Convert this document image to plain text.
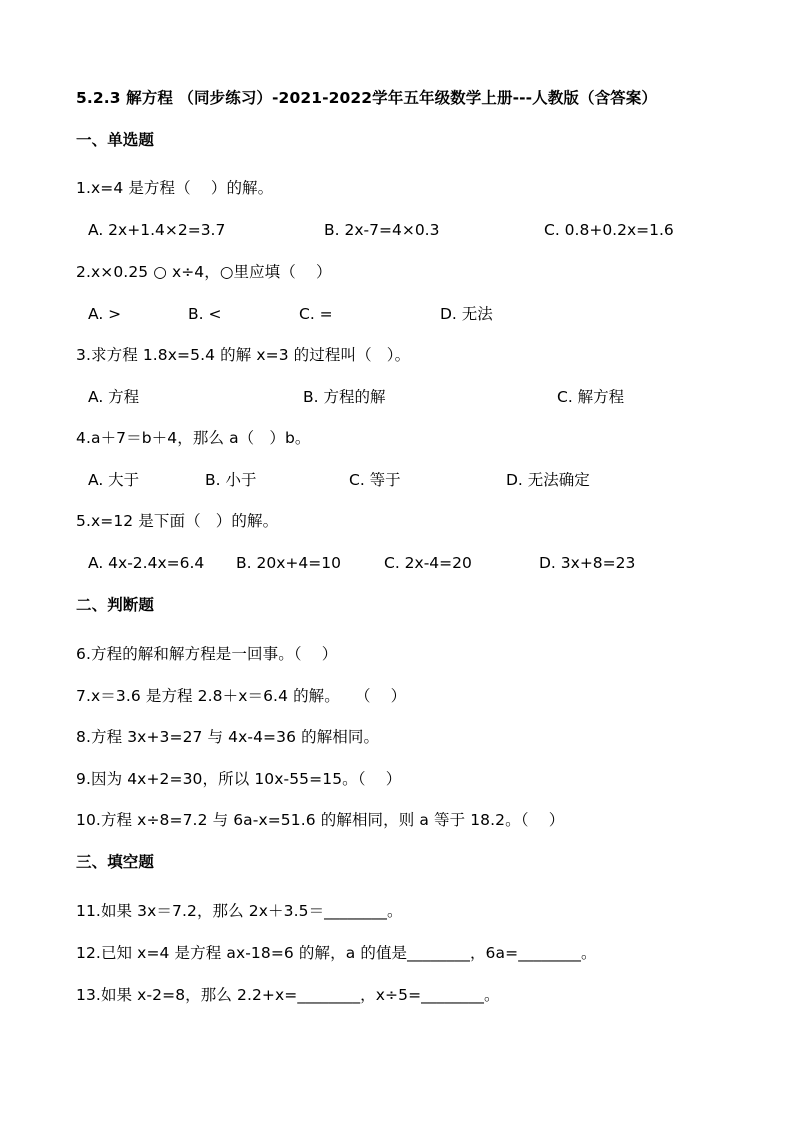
5.2.3 解方程 （同步练习）-2021-2022学年五年级数学上册---人教版（含答案）
一、单选题
1.x=4 是方程（    ）的解。
A. 2x+1.4×2=3.7	B. 2x-7=4×0.3	C. 0.8+0.2x=1.6
2.x×0.25 ○ x÷4，○里应填（    ）
A. >	B. <	C. =	D. 无法
3.求方程 1.8x=5.4 的解 x=3 的过程叫（   ）。
A. 方程	B. 方程的解	C. 解方程
4.a＋7＝b＋4，那么 a（   ）b。
A. 大于	B. 小于	C. 等于	D. 无法确定
5.x=12 是下面（   ）的解。
A. 4x-2.4x=6.4 B. 20x+4=10	C. 2x-4=20	D. 3x+8=23
二、判断题
6.方程的解和解方程是一回事。（    ）
7.x＝3.6 是方程 2.8＋x＝6.4 的解。   （    ）
8.方程 3x+3=27 与 4x-4=36 的解相同。
9.因为 4x+2=30，所以 10x-55=15。（    ）
10.方程 x÷8=7.2 与 6a-x=51.6 的解相同，则 a 等于 18.2。（    ）
三、填空题
11.如果 3x＝7.2，那么 2x＋3.5＝________。
12.已知 x=4 是方程 ax-18=6 的解，a 的值是________，6a=________。
13.如果 x-2=8，那么 2.2+x=________，x÷5=________。
